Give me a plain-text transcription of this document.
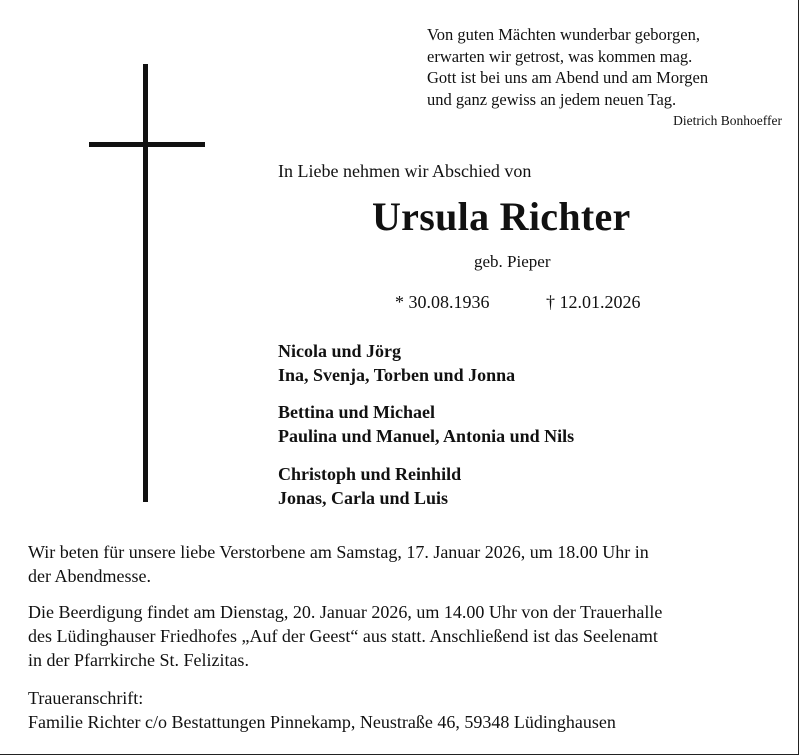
Von guten Mächten wunderbar geborgen,
erwarten wir getrost, was kommen mag.
Gott ist bei uns am Abend und am Morgen
und ganz gewiss an jedem neuen Tag.
Dietrich Bonhoeffer
In Liebe nehmen wir Abschied von
Ursula Richter
geb. Pieper
* 30.08.1936	† 12.01.2026
Nicola und Jörg
Ina, Svenja, Torben und Jonna
Bettina und Michael
Paulina und Manuel, Antonia und Nils
Christoph und Reinhild
Jonas, Carla und Luis
Wir beten für unsere liebe Verstorbene am Samstag, 17. Januar 2026, um 18.00 Uhr in
der Abendmesse.
Die Beerdigung findet am Dienstag, 20. Januar 2026, um 14.00 Uhr von der Trauerhalle
des Lüdinghauser Friedhofes „Auf der Geest“ aus statt. Anschließend ist das Seelenamt
in der Pfarrkirche St. Felizitas.
Traueranschrift:
Familie Richter c/o Bestattungen Pinnekamp, Neustraße 46, 59348 Lüdinghausen
